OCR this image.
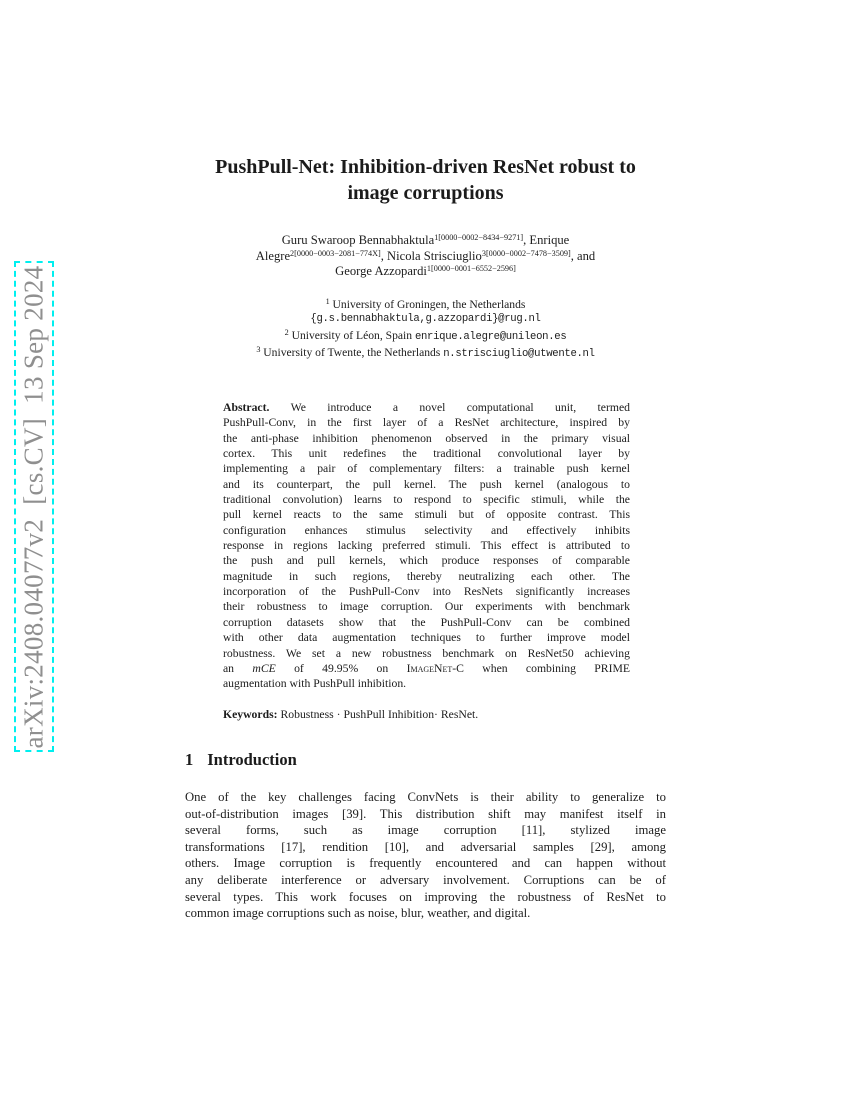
arXiv:2408.04077v2  [cs.CV]  13 Sep 2024
PushPull-Net: Inhibition-driven ResNet robust to
image corruptions
Guru Swaroop Bennabhaktula$^{1[0000-0002-8434-9271]}$, Enrique
Alegre$^{2[0000-0003-2081-774X]}$, Nicola Strisciuglio$^{3[0000-0002-7478-3509]}$, and
George Azzopardi$^{1[0000-0001-6552-2596]}$
$^1$ University of Groningen, the Netherlands
{g.s.bennabhaktula,g.azzopardi}@rug.nl
$^2$ University of Léon, Spain enrique.alegre@unileon.es
$^3$ University of Twente, the Netherlands n.strisciuglio@utwente.nl
Abstract. We introduce a novel computational unit, termed
PushPull-Conv, in the first layer of a ResNet architecture, inspired by
the anti-phase inhibition phenomenon observed in the primary visual
cortex. This unit redefines the traditional convolutional layer by
implementing a pair of complementary filters: a trainable push kernel
and its counterpart, the pull kernel. The push kernel (analogous to
traditional convolution) learns to respond to specific stimuli, while the
pull kernel reacts to the same stimuli but of opposite contrast. This
configuration enhances stimulus selectivity and effectively inhibits
response in regions lacking preferred stimuli. This effect is attributed to
the push and pull kernels, which produce responses of comparable
magnitude in such regions, thereby neutralizing each other. The
incorporation of the PushPull-Conv into ResNets significantly increases
their robustness to image corruption. Our experiments with benchmark
corruption datasets show that the PushPull-Conv can be combined
with other data augmentation techniques to further improve model
robustness. We set a new robustness benchmark on ResNet50 achieving
an mCE of 49.95% on ImageNet-C when combining PRIME
augmentation with PushPull inhibition.
Keywords: Robustness · PushPull Inhibition· ResNet.
1 Introduction
One of the key challenges facing ConvNets is their ability to generalize to
out-of-distribution images [39]. This distribution shift may manifest itself in
several forms, such as image corruption [11], stylized image
transformations [17], rendition [10], and adversarial samples [29], among
others. Image corruption is frequently encountered and can happen without
any deliberate interference or adversary involvement. Corruptions can be of
several types. This work focuses on improving the robustness of ResNet to
common image corruptions such as noise, blur, weather, and digital.
